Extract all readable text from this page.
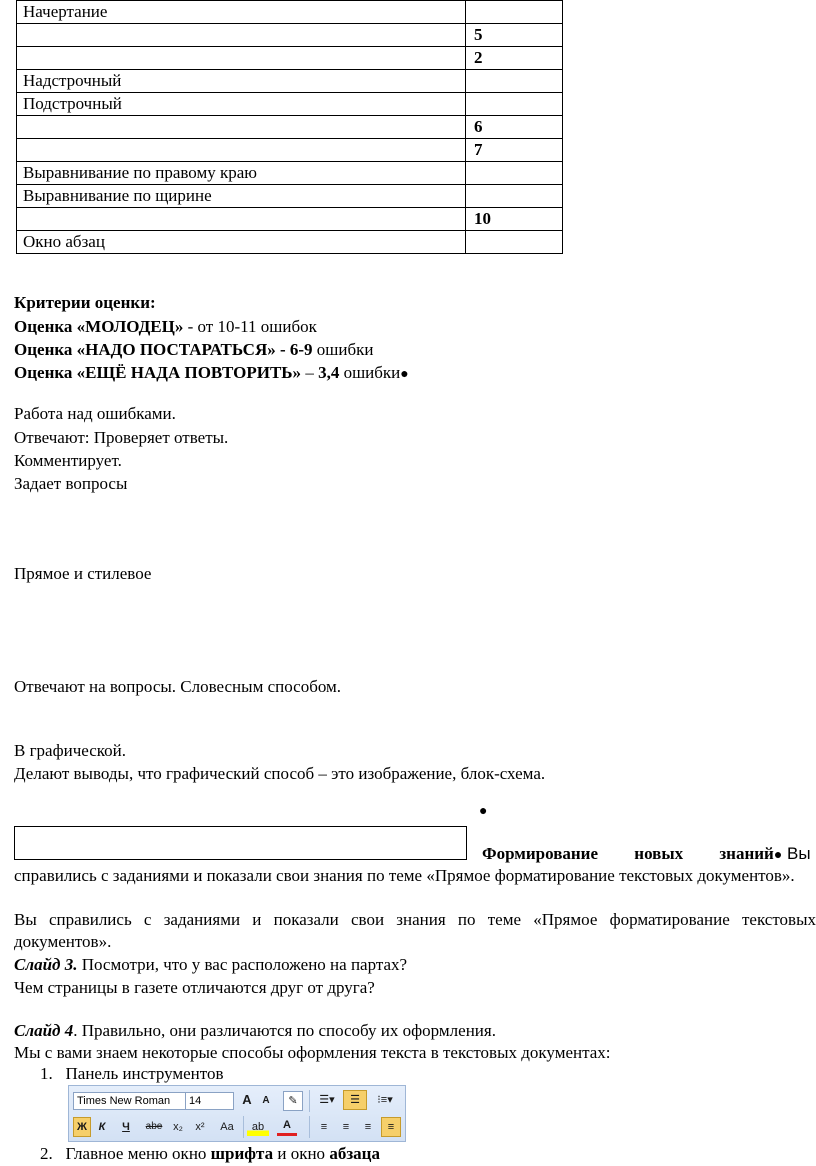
Начертание	
	5
	2
Надстрочный	
Подстрочный	
	6
	7
Выравнивание по правому краю	
Выравнивание по щирине	
	10
Окно абзац	
Критерии оценки:
Оценка «МОЛОДЕЦ» - от 10-11 ошибок
Оценка «НАДО ПОСТАРАТЬСЯ» - 6-9 ошибки
Оценка «ЕЩЁ НАДА ПОВТОРИТЬ» – 3,4 ошибки●
Работа над ошибками.
Отвечают: Проверяет ответы.
Комментирует.
Задает вопросы
Прямое и стилевое
Отвечают на вопросы. Словесным способом.
В графической.
Делают выводы, что графический способ – это изображение, блок-схема.
●
Формирование новых знаний● Вы
справились с заданиями и показали свои знания по теме «Прямое форматирование текстовых документов».
Вы справились с заданиями и показали свои знания по теме «Прямое форматирование текстовых документов».
Слайд 3. Посмотри, что у вас расположено на партах?
Чем страницы в газете отличаются друг от друга?
Слайд 4. Правильно, они различаются по способу их оформления.
Мы с вами знаем некоторые способы оформления текста в текстовых документах:
1. Панель инструментов
Times New Roman	14	A	A	✎	☰▾	☰	⁝≡▾
Ж	К	Ч	abe x₂	x²	Aa	ab	A	≡	≡	≡	≡
2. Главное меню окно шрифта и окно абзаца
